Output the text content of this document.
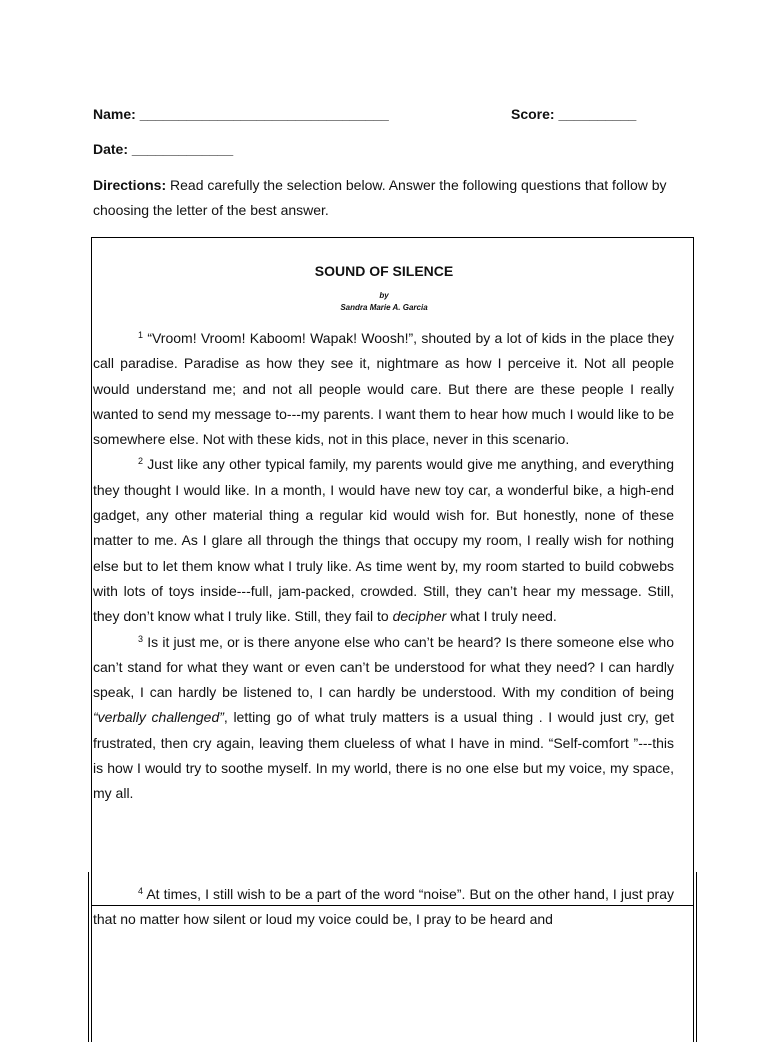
Name: ________________________________	Score: __________
Date: _____________
Directions: Read carefully the selection below. Answer the following questions that follow by choosing the letter of the best answer.
SOUND OF SILENCE
by
Sandra Marie A. Garcia

$^1$ “Vroom! Vroom! Kaboom! Wapak! Woosh!”, shouted by a lot of kids in the place they call paradise. Paradise as how they see it, nightmare as how I perceive it. Not all people would understand me; and not all people would care. But there are these people I really wanted to send my message to---my parents. I want them to hear how much I would like to be somewhere else. Not with these kids, not in this place, never in this scenario.

$^2$ Just like any other typical family, my parents would give me anything, and everything they thought I would like. In a month, I would have new toy car, a wonderful bike, a high-end gadget, any other material thing a regular kid would wish for. But honestly, none of these matter to me. As I glare all through the things that occupy my room, I really wish for nothing else but to let them know what I truly like. As time went by, my room started to build cobwebs with lots of toys inside---full, jam-packed, crowded. Still, they can’t hear my message. Still, they don’t know what I truly like. Still, they fail to decipher what I truly need.

$^3$ Is it just me, or is there anyone else who can’t be heard? Is there someone else who can’t stand for what they want or even can’t be understood for what they need? I can hardly speak, I can hardly be listened to, I can hardly be understood. With my condition of being “verbally challenged”, letting go of what truly matters is a usual thing . I would just cry, get frustrated, then cry again, leaving them clueless of what I have in mind. “Self-comfort ”---this is how I would try to soothe myself. In my world, there is no one else but my voice, my space, my all.

$^4$ At times, I still wish to be a part of the word “noise”. But on the other hand, I just pray that no matter how silent or loud my voice could be, I pray to be heard and
